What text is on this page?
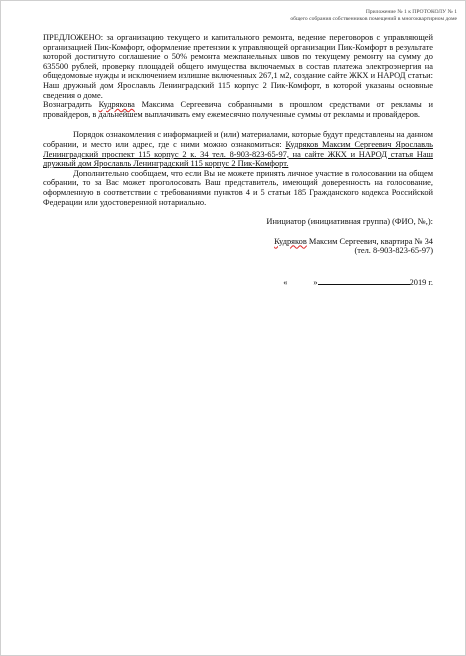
Приложение № 1 к ПРОТОКОЛУ № 1
общего собрания собственников помещений в многоквартирном доме

ПРЕДЛОЖЕНО: за организацию текущего и капитального ремонта, ведение переговоров с управляющей организацией Пик-Комфорт, оформление претензии к управляющей организации Пик-Комфорт в результате которой достигнуто соглашение о 50% ремонта межпанельных швов по текущему ремонту на сумму до 635500 рублей, проверку площадей общего имущества включаемых в состав платежа электроэнергия на общедомовые нужды и исключением излишне включенных 267,1 м2, создание сайте ЖКХ и НАРОД статьи: Наш дружный дом Ярославль Ленинградский 115 корпус 2 Пик-Комфорт, в которой указаны основные сведения о доме.

Вознаградить Кудрякова Максима Сергеевича собранными в прошлом средствами от рекламы и провайдеров, в дальнейшем выплачивать ему ежемесячно полученные суммы от рекламы и провайдеров.

Порядок ознакомления с информацией и (или) материалами, которые будут представлены на данном собрании, и место или адрес, где с ними можно ознакомиться: Кудряков Максим Сергеевич Ярославль Ленинградский проспект 115 корпус 2 к. 34 тел. 8-903-823-65-97, на сайте ЖКХ и НАРОД статья Наш дружный дом Ярославль Ленинградский 115 корпус 2 Пик-Комфорт.

Дополнительно сообщаем, что если Вы не можете принять личное участие в голосовании на общем собрании, то за Вас может проголосовать Ваш представитель, имеющий доверенность на голосование, оформленную в соответствии с требованиями пунктов 4 и 5 статьи 185 Гражданского кодекса Российской Федерации или удостоверенной нотариально.

Инициатор (инициативная группа) (ФИО, №,):

Кудряков Максим Сергеевич, квартира № 34

(тел. 8-903-823-65-97)

«	»	2019 г.
